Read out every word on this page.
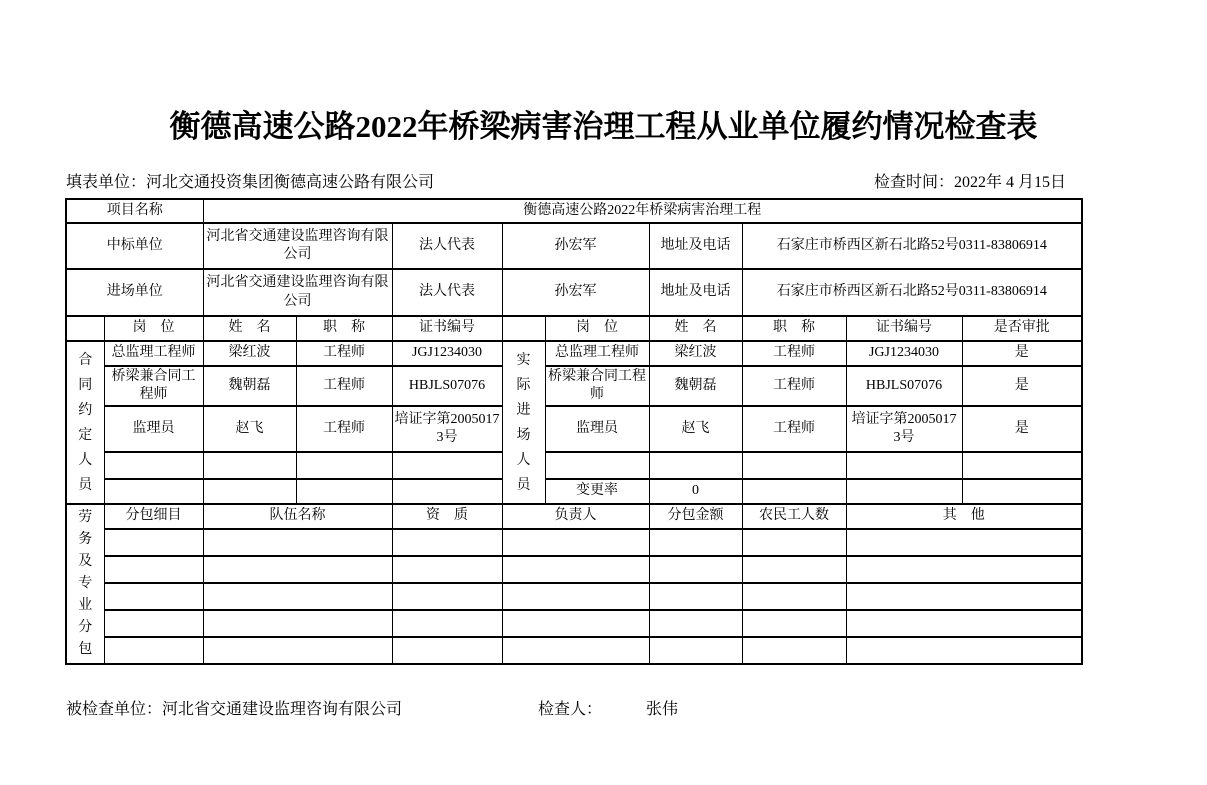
衡德高速公路2022年桥梁病害治理工程从业单位履约情况检查表
填表单位：河北交通投资集团衡德高速公路有限公司	检查时间：2022年 4 月15日
项目名称		衡德高速公路2022年桥梁病害治理工程								
中标单位		河北省交通建设监理咨询有限公司		法人代表	孙宏军		地址及电话	石家庄市桥西区新石北路52号0311-83806914		
进场单位		河北省交通建设监理咨询有限公司		法人代表	孙宏军		地址及电话	石家庄市桥西区新石北路52号0311-83806914		
	岗　位	姓　名	职　称	证书编号		岗　位	姓　名	职　称	证书编号	是否审批
合同约定人员	总监理工程师	梁红波	工程师	JGJ1234030	实际进场人员	总监理工程师	梁红波	工程师	JGJ1234030	是
	桥梁兼合同工程师	魏朝磊	工程师	HBJLS07076		桥梁兼合同工程师	魏朝磊	工程师	HBJLS07076	是
	监理员	赵飞	工程师	培证字第20050173号		监理员	赵飞	工程师	培证字第20050173号	是

						变更率	0			
劳务及专业分包	分包细目	队伍名称		资　质	负责人		分包金额	农民工人数	其　他	

被检查单位：河北省交通建设监理咨询有限公司	检查人：	张伟
